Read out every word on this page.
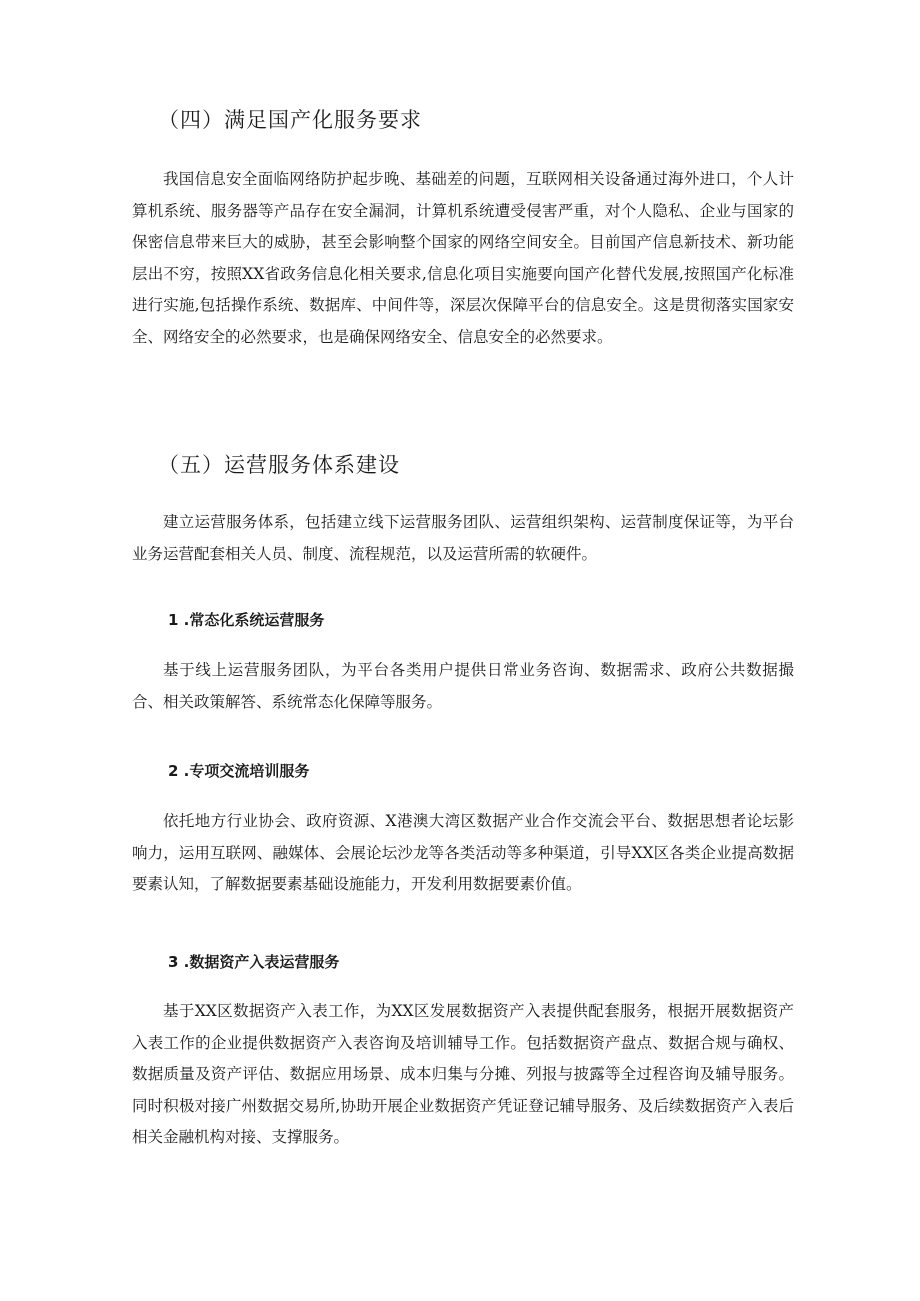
（四）满足国产化服务要求

我国信息安全面临网络防护起步晚、基础差的问题，互联网相关设备通过海外进口，个人计算机系统、服务器等产品存在安全漏洞，计算机系统遭受侵害严重，对个人隐私、企业与国家的保密信息带来巨大的威胁，甚至会影响整个国家的网络空间安全。目前国产信息新技术、新功能层出不穷，按照XX省政务信息化相关要求,信息化项目实施要向国产化替代发展,按照国产化标准进行实施,包括操作系统、数据库、中间件等，深层次保障平台的信息安全。这是贯彻落实国家安全、网络安全的必然要求，也是确保网络安全、信息安全的必然要求。

（五）运营服务体系建设

建立运营服务体系，包括建立线下运营服务团队、运营组织架构、运营制度保证等，为平台业务运营配套相关人员、制度、流程规范，以及运营所需的软硬件。

1 .常态化系统运营服务

基于线上运营服务团队，为平台各类用户提供日常业务咨询、数据需求、政府公共数据撮合、相关政策解答、系统常态化保障等服务。

2 .专项交流培训服务

依托地方行业协会、政府资源、X港澳大湾区数据产业合作交流会平台、数据思想者论坛影响力，运用互联网、融媒体、会展论坛沙龙等各类活动等多种渠道，引导XX区各类企业提高数据要素认知，了解数据要素基础设施能力，开发利用数据要素价值。

3 .数据资产入表运营服务

基于XX区数据资产入表工作，为XX区发展数据资产入表提供配套服务，根据开展数据资产入表工作的企业提供数据资产入表咨询及培训辅导工作。包括数据资产盘点、数据合规与确权、数据质量及资产评估、数据应用场景、成本归集与分摊、列报与披露等全过程咨询及辅导服务。同时积极对接广州数据交易所,协助开展企业数据资产凭证登记辅导服务、及后续数据资产入表后相关金融机构对接、支撑服务。
